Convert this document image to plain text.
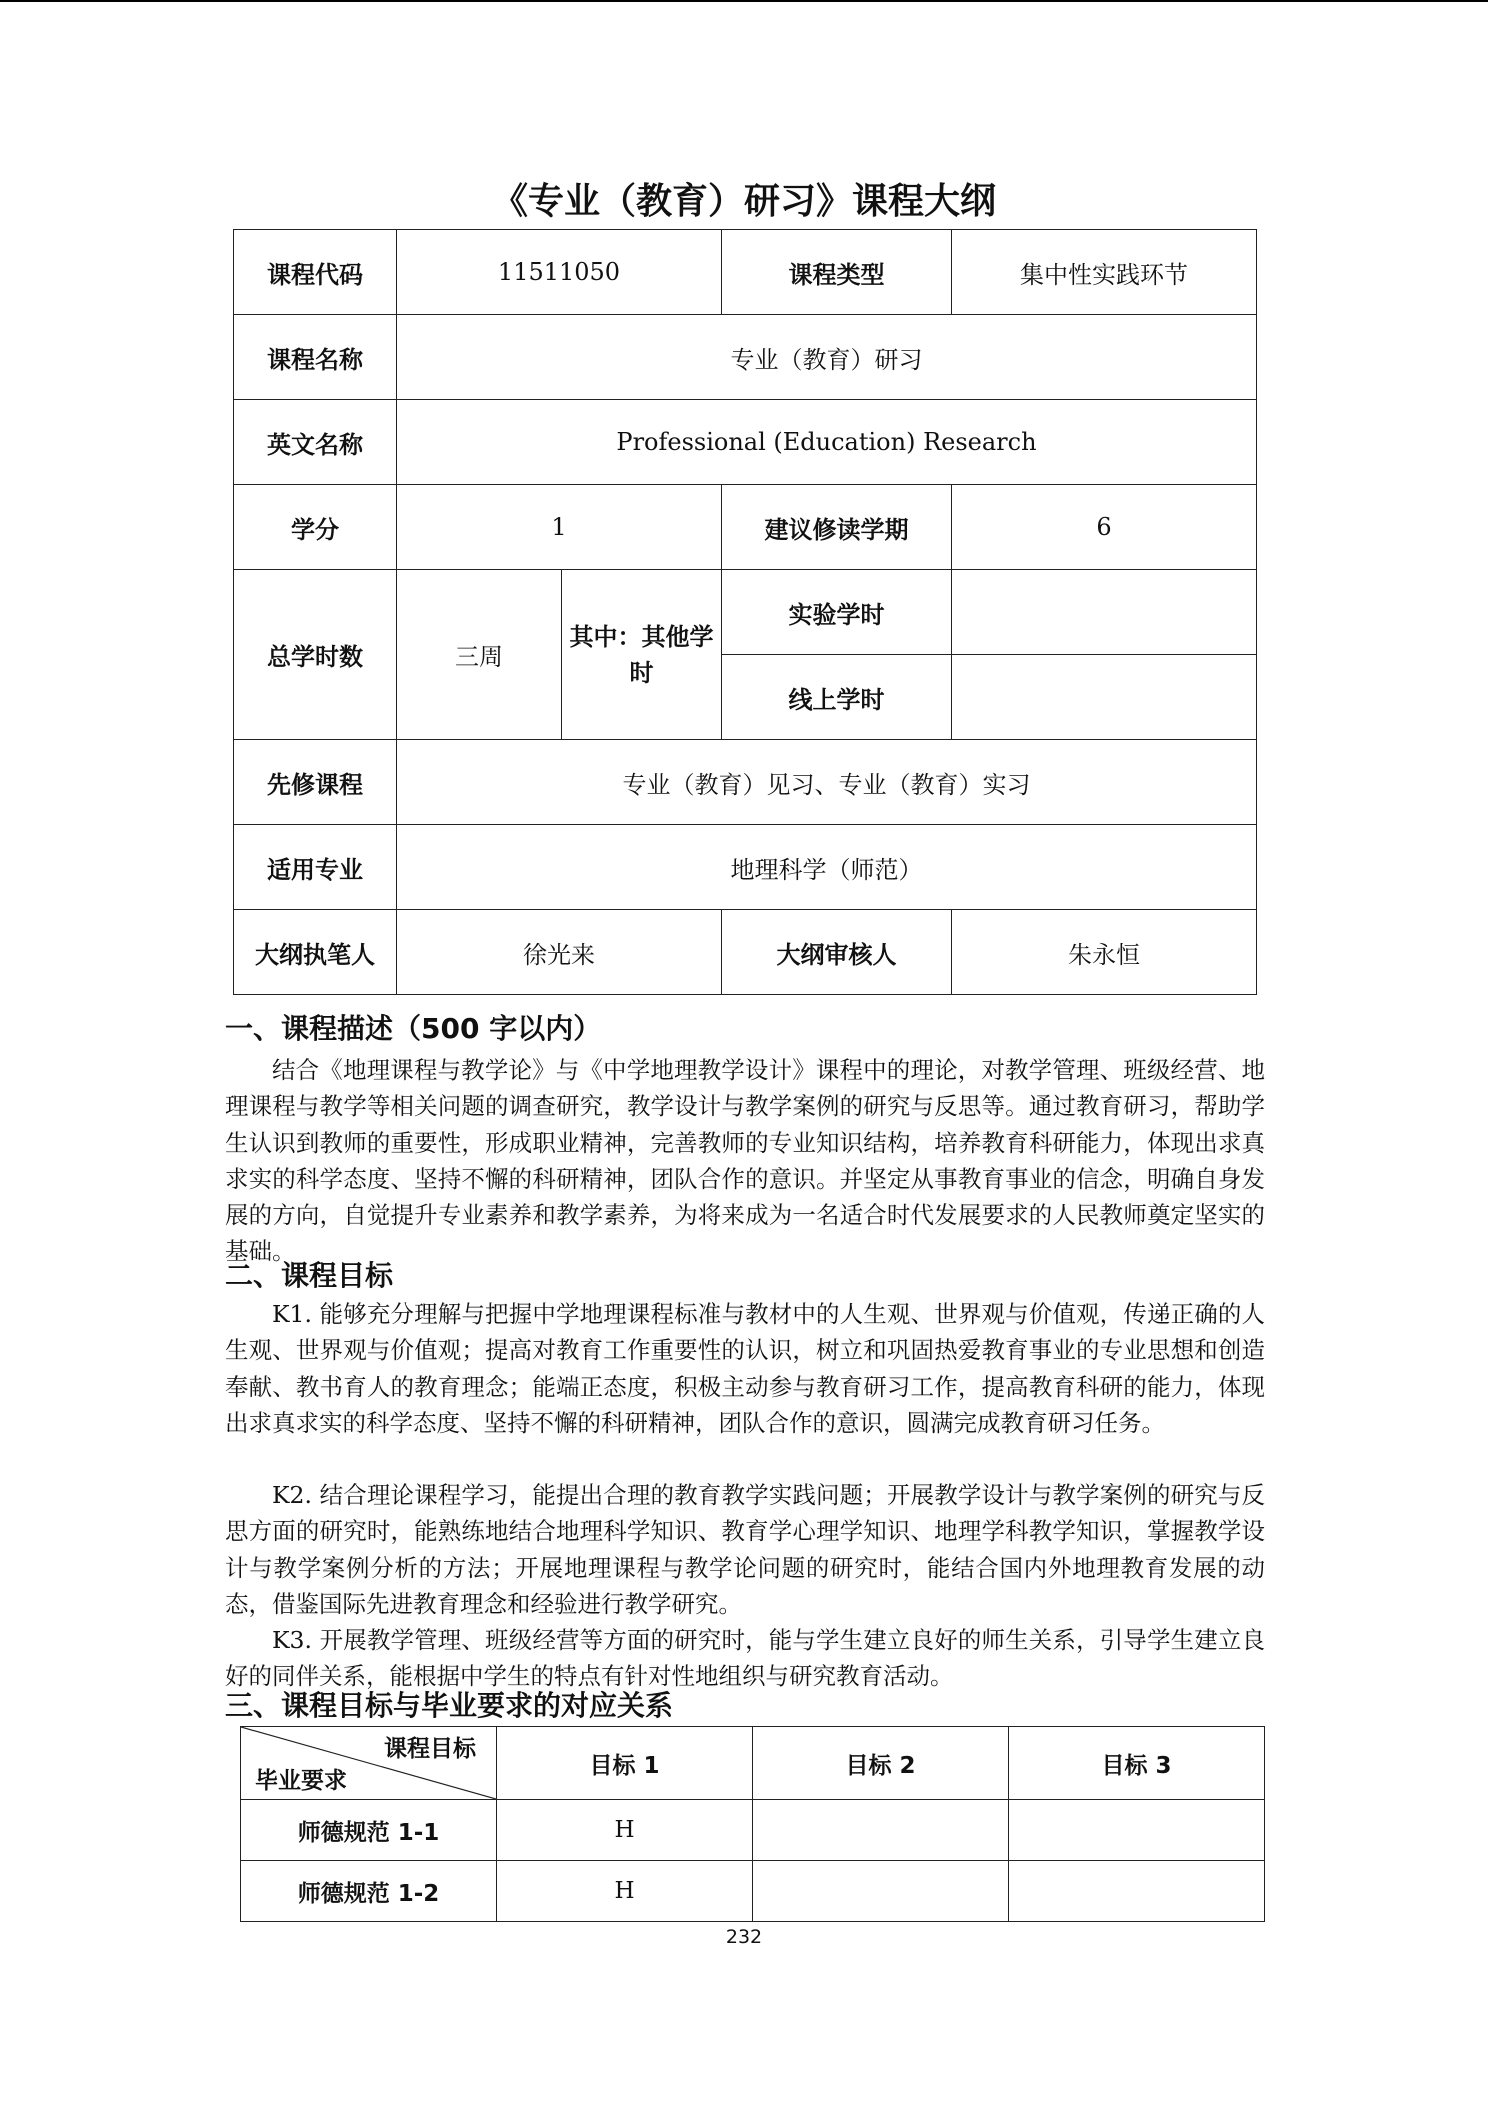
《专业（教育）研习》课程大纲
课程代码	11511050		课程类型	集中性实践环节
课程名称	专业（教育）研习			
英文名称	Professional (Education) Research			
学分	1		建议修读学期	6
总学时数	三周	其中：其他学时	实验学时	
			线上学时	
先修课程	专业（教育）见习、专业（教育）实习			
适用专业	地理科学（师范）			
大纲执笔人	徐光来		大纲审核人	朱永恒
一、课程描述（500 字以内）

结合《地理课程与教学论》与《中学地理教学设计》课程中的理论，对教学管理、班级经营、地理课程与教学等相关问题的调查研究，教学设计与教学案例的研究与反思等。通过教育研习，帮助学生认识到教师的重要性，形成职业精神，完善教师的专业知识结构，培养教育科研能力，体现出求真求实的科学态度、坚持不懈的科研精神，团队合作的意识。并坚定从事教育事业的信念，明确自身发展的方向，自觉提升专业素养和教学素养，为将来成为一名适合时代发展要求的人民教师奠定坚实的基础。

二、课程目标

K1. 能够充分理解与把握中学地理课程标准与教材中的人生观、世界观与价值观，传递正确的人生观、世界观与价值观；提高对教育工作重要性的认识，树立和巩固热爱教育事业的专业思想和创造奉献、教书育人的教育理念；能端正态度，积极主动参与教育研习工作，提高教育科研的能力，体现出求真求实的科学态度、坚持不懈的科研精神，团队合作的意识，圆满完成教育研习任务。

K2. 结合理论课程学习，能提出合理的教育教学实践问题；开展教学设计与教学案例的研究与反思方面的研究时，能熟练地结合地理科学知识、教育学心理学知识、地理学科教学知识，掌握教学设计与教学案例分析的方法；开展地理课程与教学论问题的研究时，能结合国内外地理教育发展的动态，借鉴国际先进教育理念和经验进行教学研究。

K3. 开展教学管理、班级经营等方面的研究时，能与学生建立良好的师生关系，引导学生建立良好的同伴关系，能根据中学生的特点有针对性地组织与研究教育活动。

三、课程目标与毕业要求的对应关系
课程目标
毕业要求	目标 1	目标 2	目标 3
师德规范 1-1	H		
师德规范 1-2	H		
232
